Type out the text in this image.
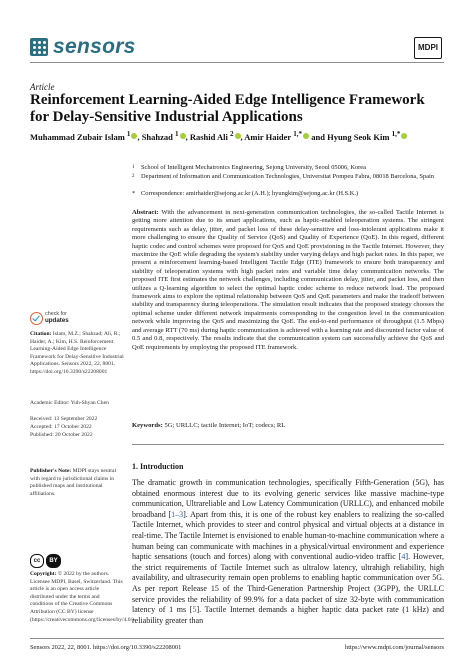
sensors	MDPI
Article
Reinforcement Learning-Aided Edge Intelligence Framework for Delay-Sensitive Industrial Applications
Muhammad Zubair Islam $^1$ , Shahzad $^1$ , Rashid Ali $^2$ , Amir Haider $^{1,*}$ and Hyung Seok Kim $^{1,*}$
1 School of Intelligent Mechatronics Engineering, Sejong University, Seoul 05006, Korea
2 Department of Information and Communication Technologies, Universitat Pompeu Fabra, 08018 Barcelona, Spain
* Correspondence: amirhaider@sejong.ac.kr (A.H.); hyungkim@sejong.ac.kr (H.S.K.)
check for
updates
Citation: Islam, M.Z.; Shahzad; Ali, R.; Haider, A.; Kim, H.S. Reinforcement Learning-Aided Edge Intelligence Framework for Delay-Sensitive Industrial Applications. Sensors 2022, 22, 8001. https://doi.org/10.3390/s22208001
Academic Editor: Yuh-Shyan Chen
Received: 13 September 2022
Accepted: 17 October 2022
Published: 20 October 2022
Publisher's Note: MDPI stays neutral with regard to jurisdictional claims in published maps and institutional affiliations.
cc	BY
Copyright: © 2022 by the authors. Licensee MDPI, Basel, Switzerland. This article is an open access article distributed under the terms and conditions of the Creative Commons Attribution (CC BY) license (https://creativecommons.org/licenses/by/4.0/).
Abstract: With the advancement in next-generation communication technologies, the so-called Tactile Internet is getting more attention due to its smart applications, such as haptic-enabled teleoperation systems. The stringent requirements such as delay, jitter, and packet loss of these delay-sensitive and loss-intolerant applications make it more challenging to ensure the Quality of Service (QoS) and Quality of Experience (QoE). In this regard, different haptic codec and control schemes were proposed for QoS and QoE provisioning in the Tactile Internet. However, they maximize the QoE while degrading the system's stability under varying delays and high packet rates. In this paper, we present a reinforcement learning-based Intelligent Tactile Edge (ITE) framework to ensure both transparency and stability of teleoperation systems with high packet rates and variable time delay communication networks. The proposed ITE first estimates the network challenges, including communication delay, jitter, and packet loss, and then utilizes a Q-learning algorithm to select the optimal haptic codec scheme to reduce network load. The proposed framework aims to explore the optimal relationship between QoS and QoE parameters and make the tradeoff between stability and transparency during teleoperations. The simulation result indicates that the proposed strategy chooses the optimal scheme under different network impairments corresponding to the congestion level in the communication network while improving the QoS and maximizing the QoE. The end-to-end performance of throughput (1.5 Mbps) and average RTT (70 ms) during haptic communication is achieved with a learning rate and discounted factor value of 0.5 and 0.8, respectively. The results indicate that the communication system can successfully achieve the QoS and QoE requirements by employing the proposed ITE framework.
Keywords: 5G; URLLC; tactile Internet; IoT; codecs; RL
1. Introduction
The dramatic growth in communication technologies, specifically Fifth-Generation (5G), has obtained enormous interest due to its evolving generic services like massive machine-type communication, Ultrareliable and Low Latency Communication (URLLC), and enhanced mobile broadband [1–3]. Apart from this, it is one of the robust key enablers to realizing the so-called Tactile Internet, which provides to steer and control physical and virtual objects at a distance in real-time. The Tactile Internet is envisioned to enable human-to-machine communication where a human being can communicate with machines in a physical/virtual environment and experience haptic sensations (touch and forces) along with conventional audio-video traffic [4]. However, the strict requirements of Tactile Internet such as ultralow latency, ultrahigh reliability, high availability, and ultrasecurity remain open problems to enabling haptic communication over 5G. As per report Release 15 of the Third-Generation Partnership Project (3GPP), the URLLC service provides the reliability of 99.9% for a data packet of size 32-byte with communication latency of 1 ms [5]. Tactile Internet demands a higher haptic data packet rate (1 kHz) and reliability greater than
Sensors 2022, 22, 8001. https://doi.org/10.3390/s22208001	https://www.mdpi.com/journal/sensors
